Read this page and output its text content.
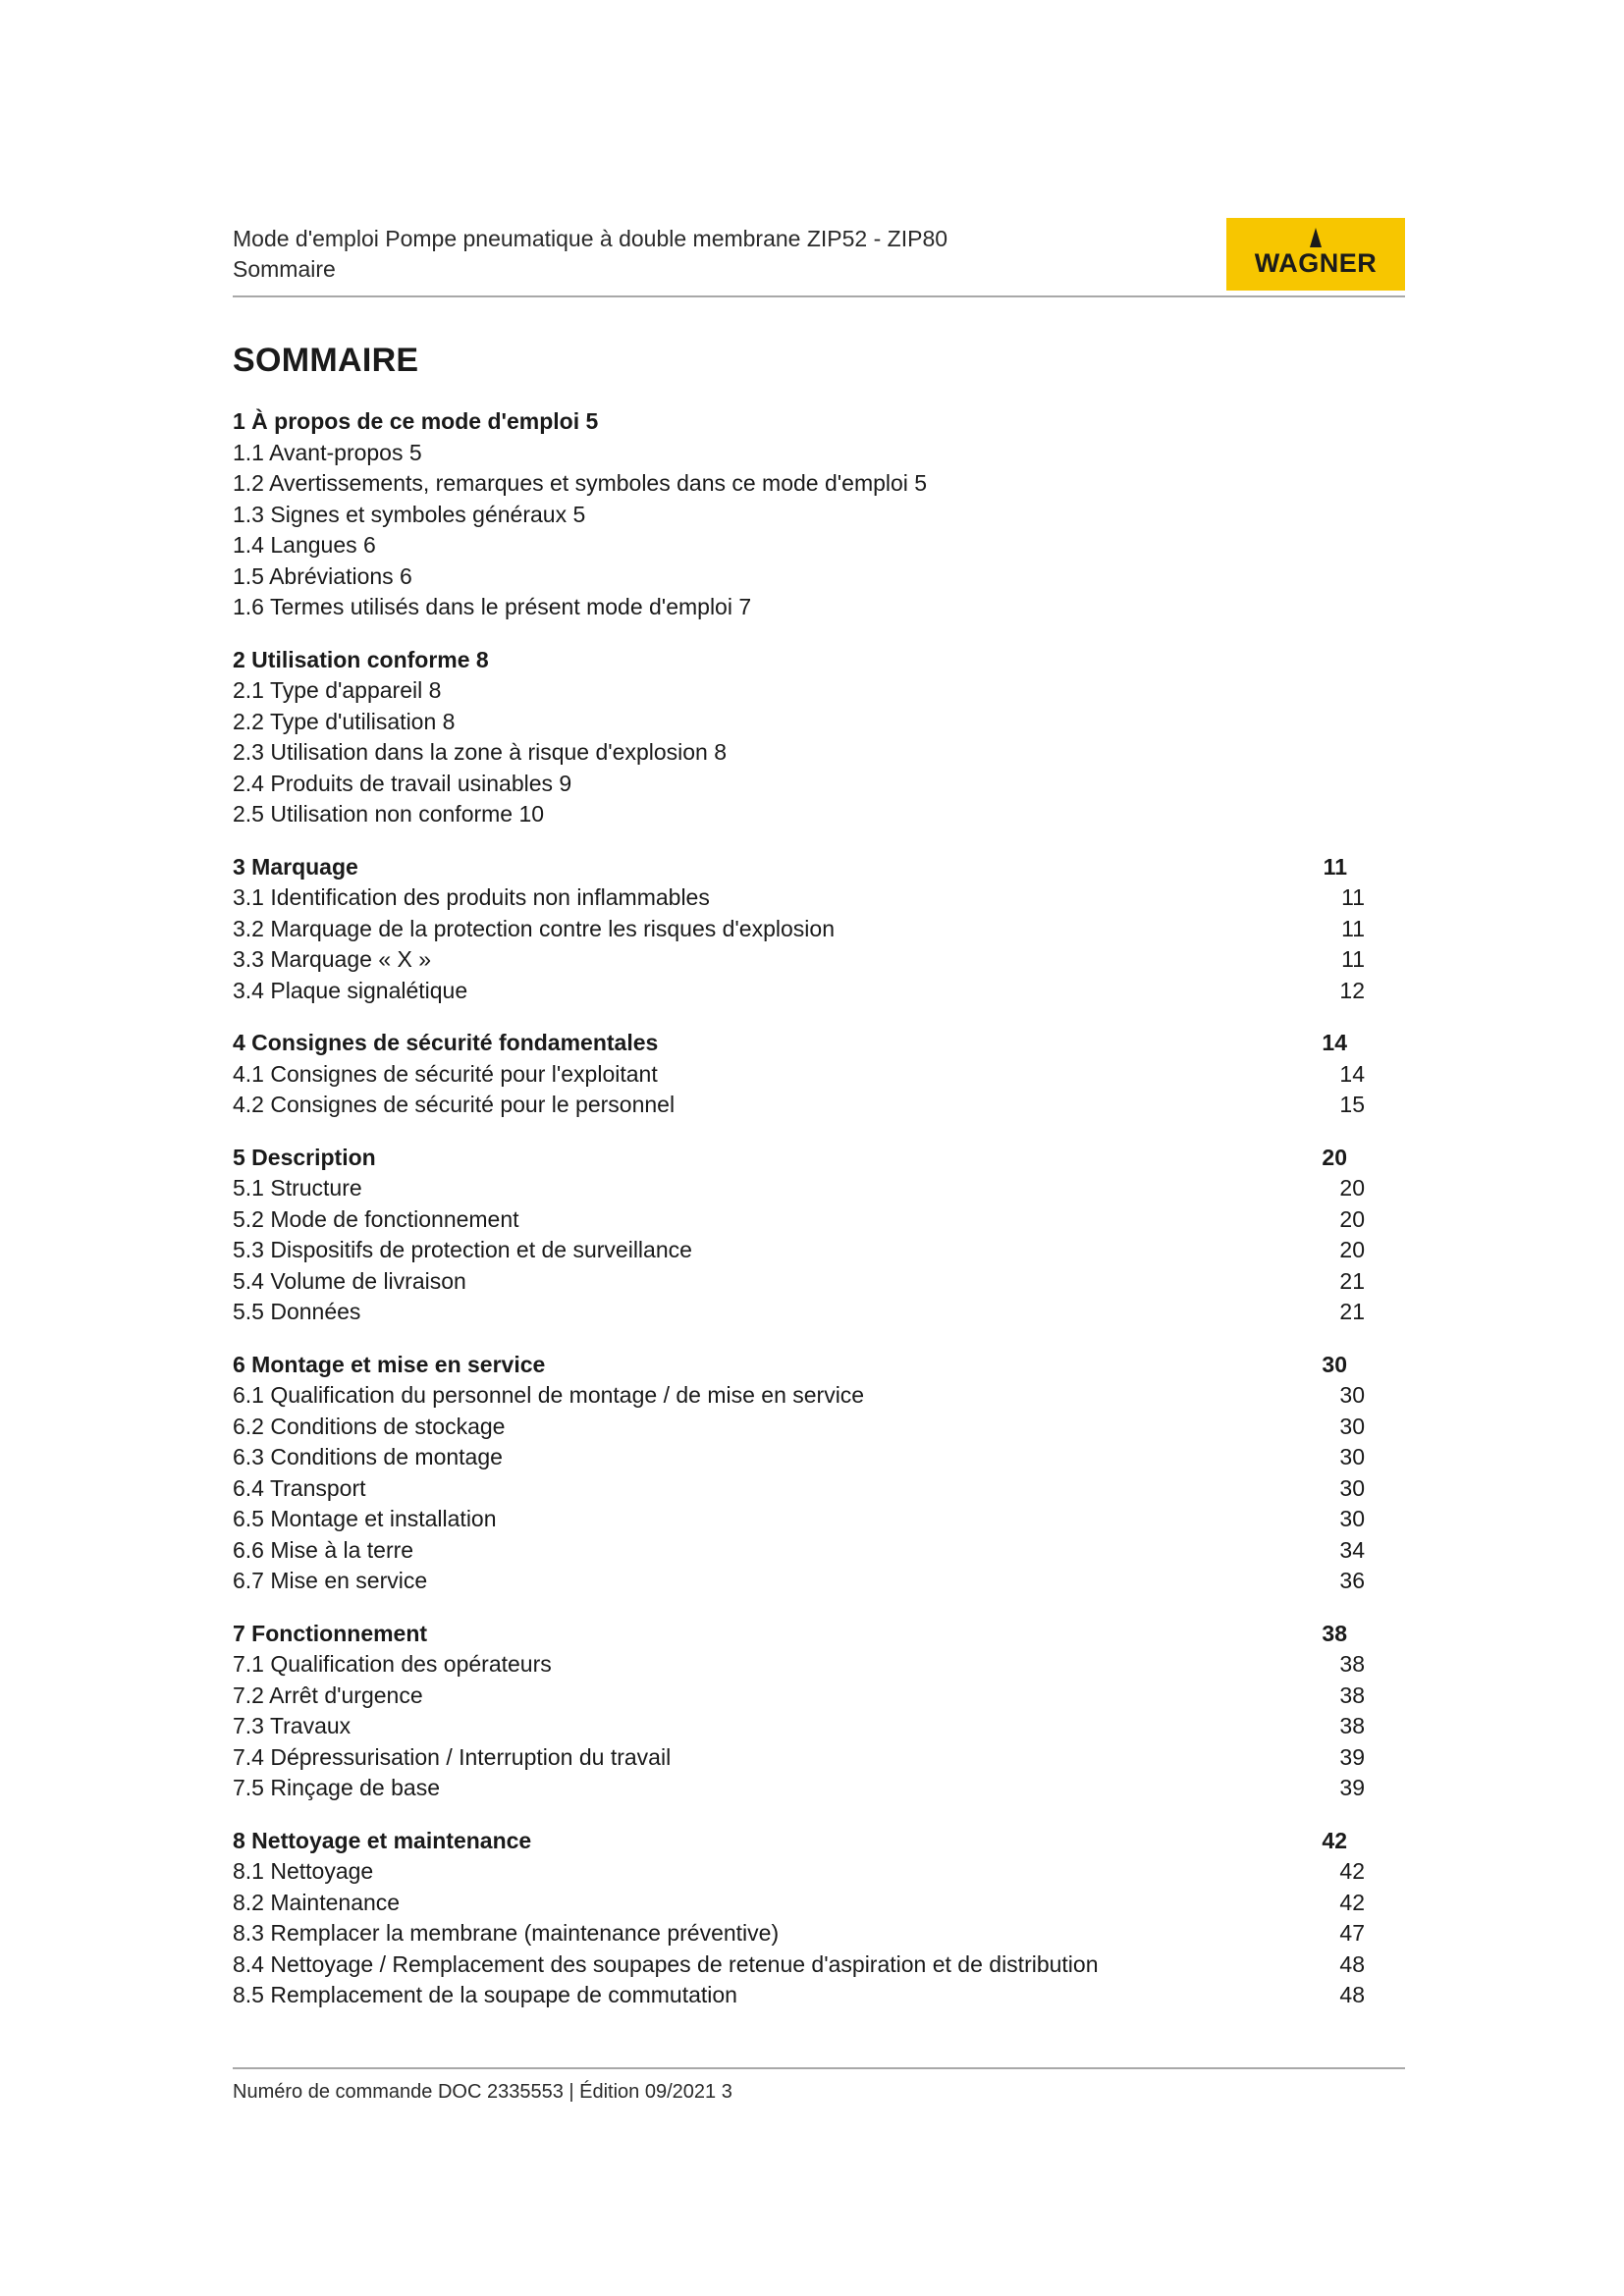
Mode d'emploi Pompe pneumatique à double membrane ZIP52 - ZIP80
Sommaire	WAGNER
SOMMAIRE
1 À propos de ce mode d'emploi 5
1.1 Avant-propos 5
1.2 Avertissements, remarques et symboles dans ce mode d'emploi 5
1.3 Signes et symboles généraux 5
1.4 Langues 6
1.5 Abréviations 6
1.6 Termes utilisés dans le présent mode d'emploi 7
2 Utilisation conforme 8
2.1 Type d'appareil 8
2.2 Type d'utilisation 8
2.3 Utilisation dans la zone à risque d'explosion 8
2.4 Produits de travail usinables 9
2.5 Utilisation non conforme 10
3 Marquage	11
3.1 Identification des produits non inflammables	11
3.2 Marquage de la protection contre les risques d'explosion	11
3.3 Marquage « X »	11
3.4 Plaque signalétique	12
4 Consignes de sécurité fondamentales	14
4.1 Consignes de sécurité pour l'exploitant	14
4.2 Consignes de sécurité pour le personnel	15
5 Description	20
5.1 Structure	20
5.2 Mode de fonctionnement	20
5.3 Dispositifs de protection et de surveillance	20
5.4 Volume de livraison	21
5.5 Données	21
6 Montage et mise en service	30
6.1 Qualification du personnel de montage / de mise en service	30
6.2 Conditions de stockage	30
6.3 Conditions de montage	30
6.4 Transport	30
6.5 Montage et installation	30
6.6 Mise à la terre	34
6.7 Mise en service	36
7 Fonctionnement	38
7.1 Qualification des opérateurs	38
7.2 Arrêt d'urgence	38
7.3 Travaux	38
7.4 Dépressurisation / Interruption du travail	39
7.5 Rinçage de base	39
8 Nettoyage et maintenance	42
8.1 Nettoyage	42
8.2 Maintenance	42
8.3 Remplacer la membrane (maintenance préventive)	47
8.4 Nettoyage / Remplacement des soupapes de retenue d'aspiration et de distribution	48
8.5 Remplacement de la soupape de commutation	48
Numéro de commande DOC 2335553 | Édition 09/2021 3
